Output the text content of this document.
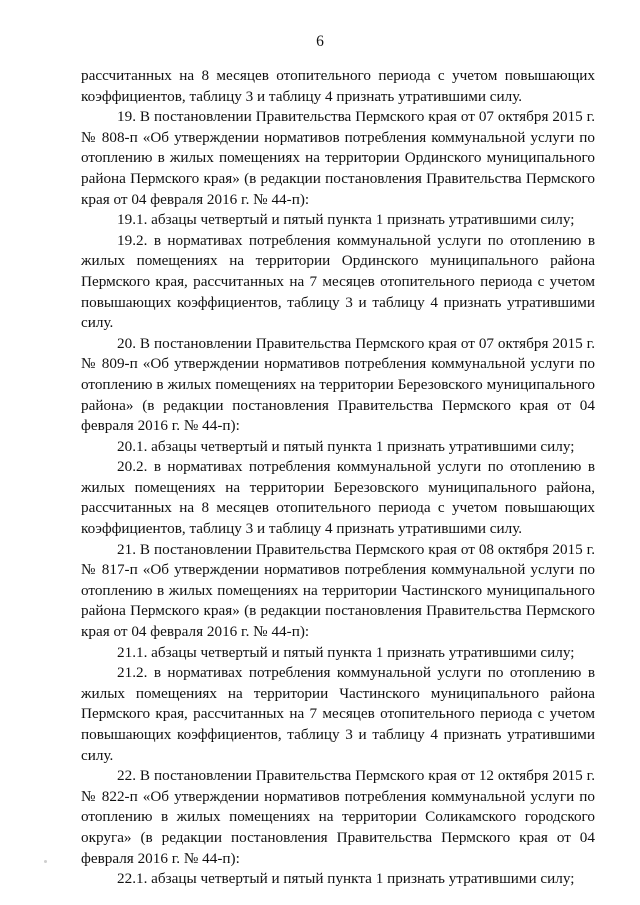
6

рассчитанных на 8 месяцев отопительного периода с учетом повышающих коэффициентов, таблицу 3 и таблицу 4 признать утратившими силу.

19. В постановлении Правительства Пермского края от 07 октября 2015 г. № 808-п «Об утверждении нормативов потребления коммунальной услуги по отоплению в жилых помещениях на территории Ординского муниципального района Пермского края» (в редакции постановления Правительства Пермского края от 04 февраля 2016 г. № 44-п):

19.1. абзацы четвертый и пятый пункта 1 признать утратившими силу;

19.2. в нормативах потребления коммунальной услуги по отоплению в жилых помещениях на территории Ординского муниципального района Пермского края, рассчитанных на 7 месяцев отопительного периода с учетом повышающих коэффициентов, таблицу 3 и таблицу 4 признать утратившими силу.

20. В постановлении Правительства Пермского края от 07 октября 2015 г. № 809-п «Об утверждении нормативов потребления коммунальной услуги по отоплению в жилых помещениях на территории Березовского муниципального района» (в редакции постановления Правительства Пермского края от 04 февраля 2016 г. № 44-п):

20.1. абзацы четвертый и пятый пункта 1 признать утратившими силу;

20.2. в нормативах потребления коммунальной услуги по отоплению в жилых помещениях на территории Березовского муниципального района, рассчитанных на 8 месяцев отопительного периода с учетом повышающих коэффициентов, таблицу 3 и таблицу 4 признать утратившими силу.

21. В постановлении Правительства Пермского края от 08 октября 2015 г. № 817-п «Об утверждении нормативов потребления коммунальной услуги по отоплению в жилых помещениях на территории Частинского муниципального района Пермского края» (в редакции постановления Правительства Пермского края от 04 февраля 2016 г. № 44-п):

21.1. абзацы четвертый и пятый пункта 1 признать утратившими силу;

21.2. в нормативах потребления коммунальной услуги по отоплению в жилых помещениях на территории Частинского муниципального района Пермского края, рассчитанных на 7 месяцев отопительного периода с учетом повышающих коэффициентов, таблицу 3 и таблицу 4 признать утратившими силу.

22. В постановлении Правительства Пермского края от 12 октября 2015 г. № 822-п «Об утверждении нормативов потребления коммунальной услуги по отоплению в жилых помещениях на территории Соликамского городского округа» (в редакции постановления Правительства Пермского края от 04 февраля 2016 г. № 44-п):

22.1. абзацы четвертый и пятый пункта 1 признать утратившими силу;
